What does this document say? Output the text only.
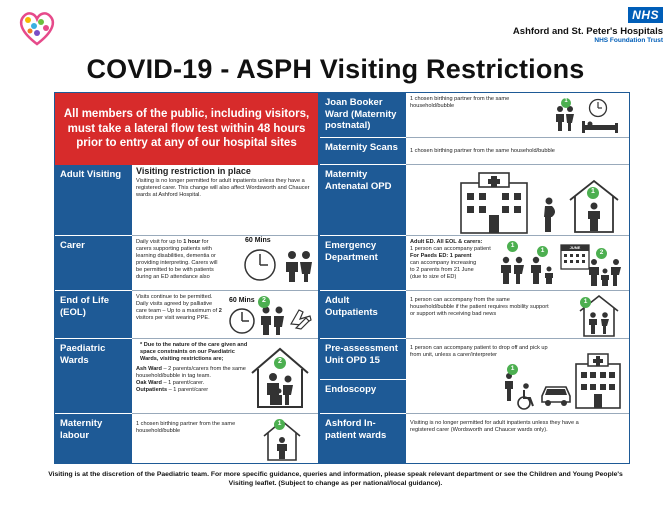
NHS
Ashford and St. Peter's Hospitals
NHS Foundation Trust
COVID-19 - ASPH Visiting Restrictions
All members of the public, including visitors, must take a lateral flow test within 48 hours prior to entry at any of our hospital sites
Adult Visiting
Carer
End of Life (EOL)
Paediatric Wards
Maternity labour
Visiting restriction in place
Visiting is no longer permitted for adult inpatients unless they have a registered carer. This change will also affect Wordsworth and Chaucer wards at Ashford Hospital.
Daily visit for up to 1 hour for carers supporting patients with learning disabilities, dementia or providing interpreting. Carers will be permitted to be with patients during an ED attendance also
60 Mins
Visits continue to be permitted. Daily visits agreed by palliative care team – Up to a maximum of 2 visitors per visit wearing PPE.
60 Mins	2
* Due to the nature of the care given and space constraints on our Paediatric Wards, visiting restrictions are;
Ash Ward – 2 parents/carers from the same household/bubble in tag team.
Oak Ward – 1 parent/carer.
Outpatients – 1 parent/carer
2
1 chosen birthing partner from the same household/bubble
1
Joan Booker Ward (Maternity postnatal)
Maternity Scans
Maternity Antenatal OPD
Emergency Department
Adult Outpatients
Pre-assessment Unit OPD 15
Endoscopy
Ashford In-patient wards
1 chosen birthing partner from the same household/bubble
1
1 chosen birthing partner from the same household/bubble
1
Adult ED. All EOL & carers:
1 person can accompany patient
For Paeds ED: 1 parent
can accompany increasing
to 2 parents from 21 June
(due to size of ED)
1
1	JUNE
2
1 person can accompany from the same household/bubble if the patient requires mobility support or support with receiving bad news
1
1 person can accompany patient to drop off and pick up from unit, unless a carer/interpreter
1
Visiting is no longer permitted for adult inpatients unless they have a registered carer (Wordsworth and Chaucer wards only).
Visiting is at the discretion of the Paediatric team. For more specific guidance, queries and information, please speak relevant department or see the Children and Young People's Visiting leaflet. (Subject to change as per national/local guidance).
